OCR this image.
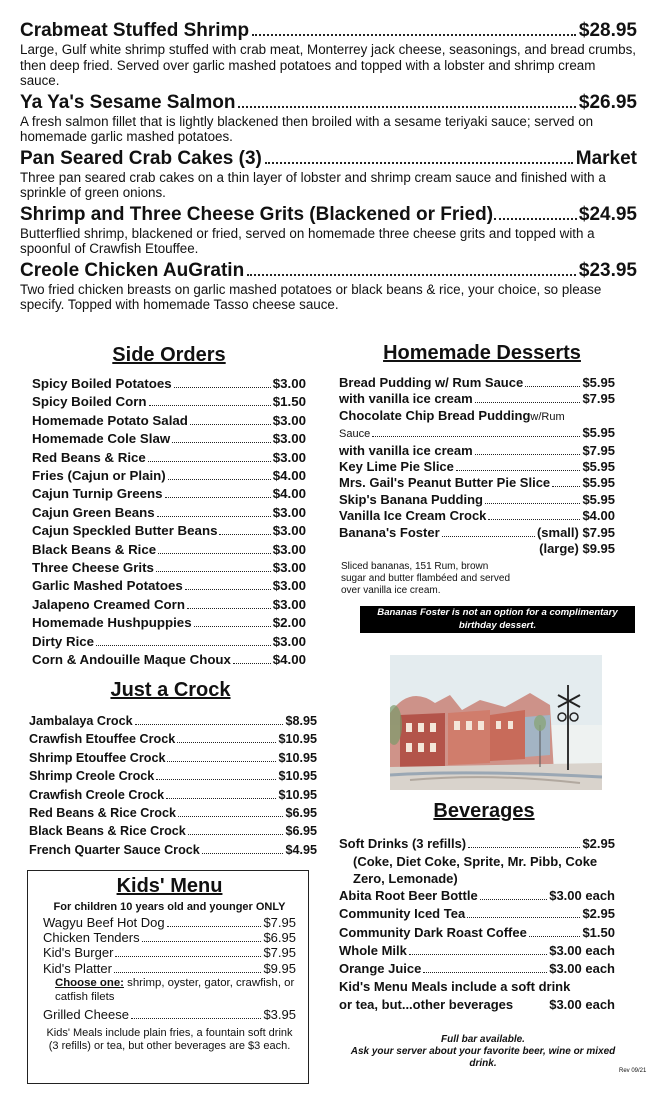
Crabmeat Stuffed Shrimp	$28.95
Large, Gulf white shrimp stuffed with crab meat, Monterrey jack cheese, seasonings, and bread crumbs, then deep fried. Served over garlic mashed potatoes and topped with a lobster and shrimp cream sauce.
Ya Ya's Sesame Salmon	$26.95
A fresh salmon fillet that is lightly blackened then broiled with a sesame teriyaki sauce; served on homemade garlic mashed potatoes.
Pan Seared Crab Cakes (3)	Market
Three pan seared crab cakes on a thin layer of lobster and shrimp cream sauce and finished with a sprinkle of green onions.
Shrimp and Three Cheese Grits (Blackened or Fried)	$24.95
Butterflied shrimp, blackened or fried, served on homemade three cheese grits and topped with a spoonful of Crawfish Etouffee.
Creole Chicken AuGratin	$23.95
Two fried chicken breasts on garlic mashed potatoes or black beans & rice, your choice, so please specify. Topped with homemade Tasso cheese sauce.
Side Orders
Spicy Boiled Potatoes	$3.00
Spicy Boiled Corn	$1.50
Homemade Potato Salad	$3.00
Homemade Cole Slaw	$3.00
Red Beans & Rice	$3.00
Fries (Cajun or Plain)	$4.00
Cajun Turnip Greens	$4.00
Cajun Green Beans	$3.00
Cajun Speckled Butter Beans	$3.00
Black Beans & Rice	$3.00
Three Cheese Grits	$3.00
Garlic Mashed Potatoes	$3.00
Jalapeno Creamed Corn	$3.00
Homemade Hushpuppies	$2.00
Dirty Rice	$3.00
Corn & Andouille Maque Choux	$4.00
Just a Crock
Jambalaya Crock	$8.95
Crawfish Etouffee Crock	$10.95
Shrimp Etouffee Crock	$10.95
Shrimp Creole Crock	$10.95
Crawfish Creole Crock	$10.95
Red Beans & Rice Crock	$6.95
Black Beans & Rice Crock	$6.95
French Quarter Sauce Crock	$4.95
Kids' Menu
For children 10 years old and younger ONLY
Wagyu Beef Hot Dog	$7.95
Chicken Tenders	$6.95
Kid's Burger	$7.95
Kid's Platter	$9.95
Choose one: shrimp, oyster, gator, crawfish, or catfish filets
Grilled Cheese	$3.95
Kids' Meals include plain fries, a fountain soft drink (3 refills) or tea, but other beverages are $3 each.
Homemade Desserts
Bread Pudding w/ Rum Sauce	$5.95
with vanilla ice cream	$7.95
Chocolate Chip Bread Pudding w/Rum
Sauce	$5.95
with vanilla ice cream	$7.95
Key Lime Pie Slice	$5.95
Mrs. Gail's Peanut Butter Pie Slice $5.95
Skip's Banana Pudding	$5.95
Vanilla Ice Cream Crock	$4.00
Banana's Foster	(small) $7.95
(large) $9.95
Sliced bananas, 151 Rum, brown sugar and butter flambéed and served over vanilla ice cream.
Bananas Foster is not an option for a complimentary birthday dessert.
Beverages
Soft Drinks (3 refills)	$2.95
(Coke, Diet Coke, Sprite, Mr. Pibb, Coke Zero, Lemonade)
Abita Root Beer Bottle	$3.00 each
Community Iced Tea	$2.95
Community Dark Roast Coffee	$1.50
Whole Milk	$3.00 each
Orange Juice	$3.00 each
Kid's Menu Meals include a soft drink
or tea, but...other beverages	$3.00 each
Full bar available.
Ask your server about your favorite beer, wine or mixed drink.
Rev 09/21
